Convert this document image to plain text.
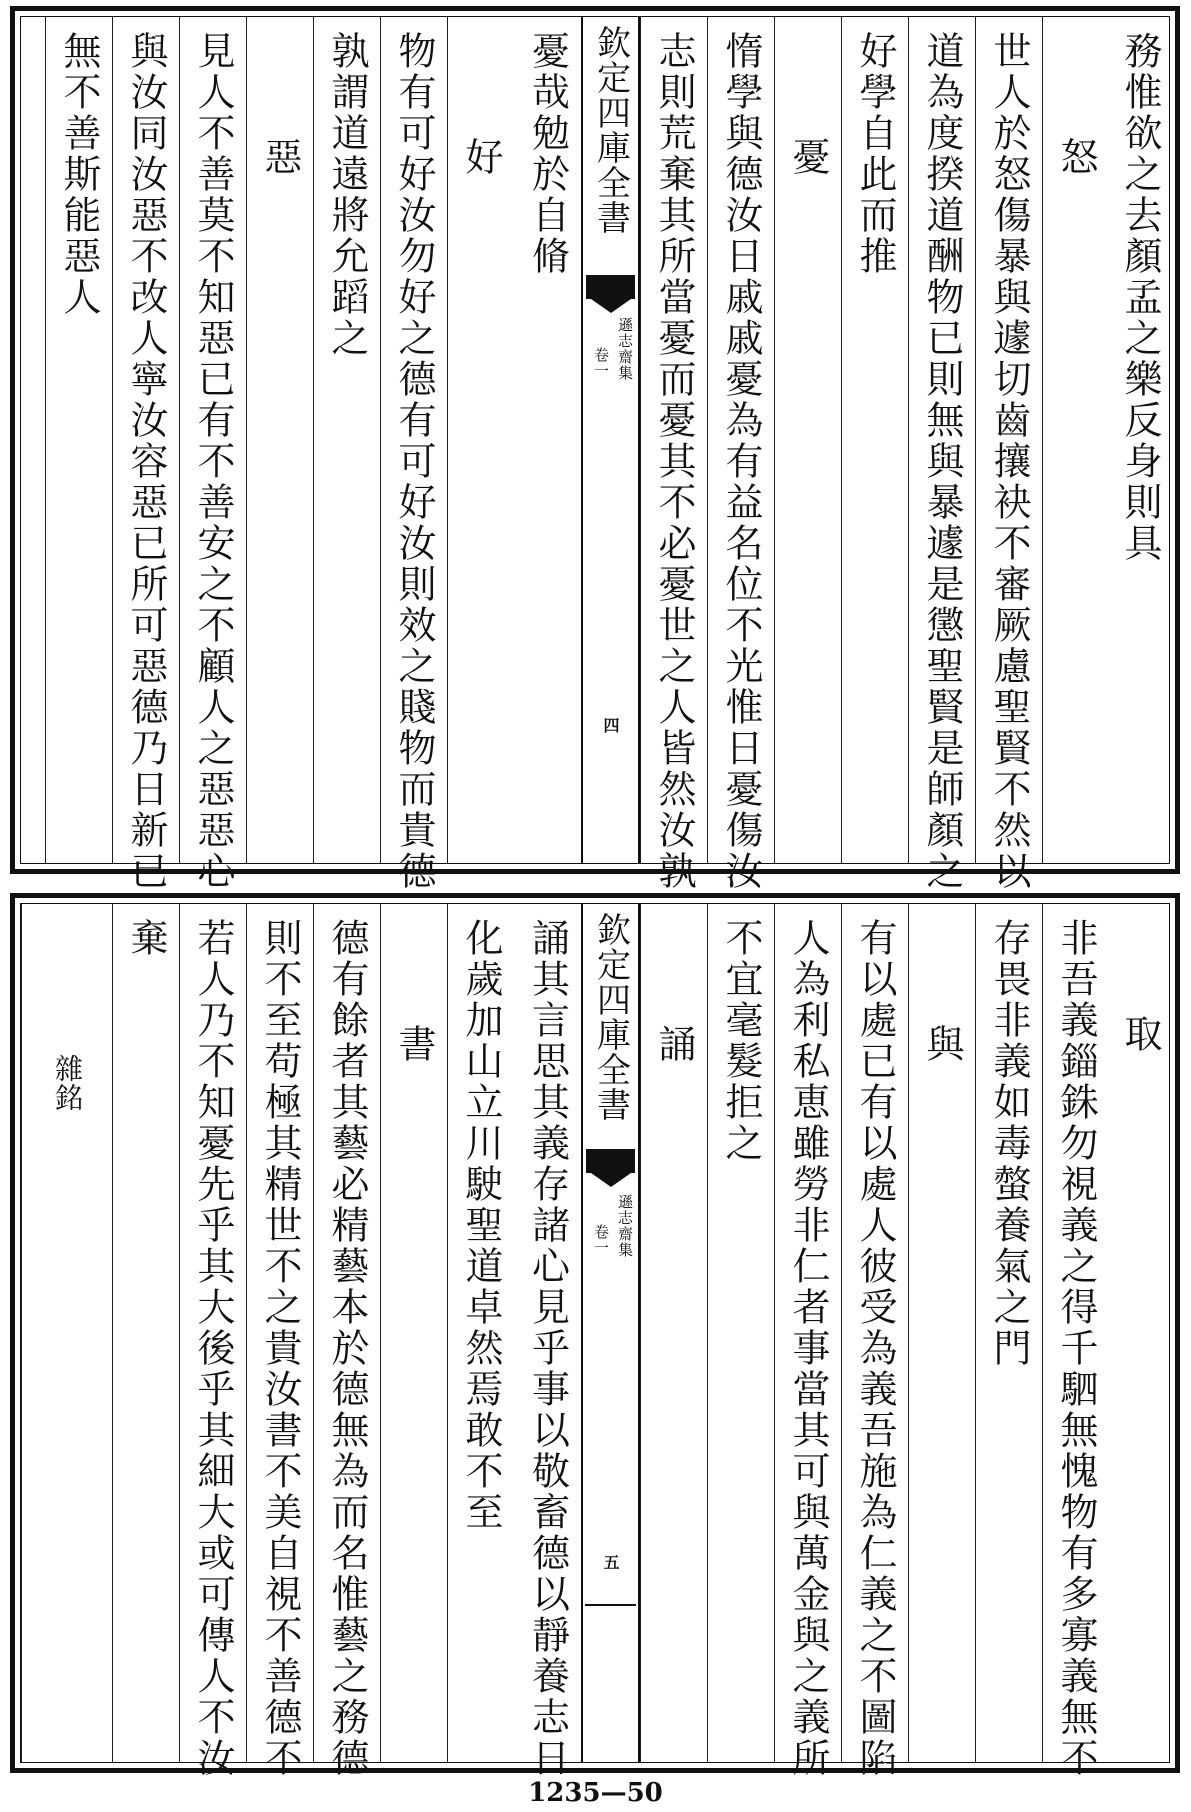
務惟欲之去顏孟之樂反身則具
怒
世人於怒傷暴與遽切齒攘袂不審厥慮聖賢不然以
道為度揆道酬物已則無與暴遽是懲聖賢是師顏之
好學自此而推
憂
惰學與德汝日戚戚憂為有益名位不光惟日憂傷汝
志則荒棄其所當憂而憂其不必憂世之人皆然汝孰
欽定四庫全書
遜志齋集
卷一
四
憂哉勉於自脩
好
物有可好汝勿好之德有可好汝則效之賤物而貴德
孰謂道遠將允蹈之
惡
見人不善莫不知惡已有不善安之不顧人之惡惡心
與汝同汝惡不改人寧汝容惡已所可惡德乃日新已
無不善斯能惡人
取
非吾義錙銖勿視義之得千駟無愧物有多寡義無不
存畏非義如毒螫養氣之門
與
有以處已有以處人彼受為義吾施為仁義之不圖陷
人為利私恵雖勞非仁者事當其可與萬金與之義所
不宜毫髮拒之
誦
欽定四庫全書
遜志齋集
卷一
五
誦其言思其義存諸心見乎事以敬畜德以靜養志日
化歲加山立川駛聖道卓然焉敢不至
書
德有餘者其藝必精藝本於德無為而名惟藝之務德
則不至苟極其精世不之貴汝書不美自視不善德不
若人乃不知憂先乎其大後乎其細大或可傳人不汝
棄
雜銘
1235—50
